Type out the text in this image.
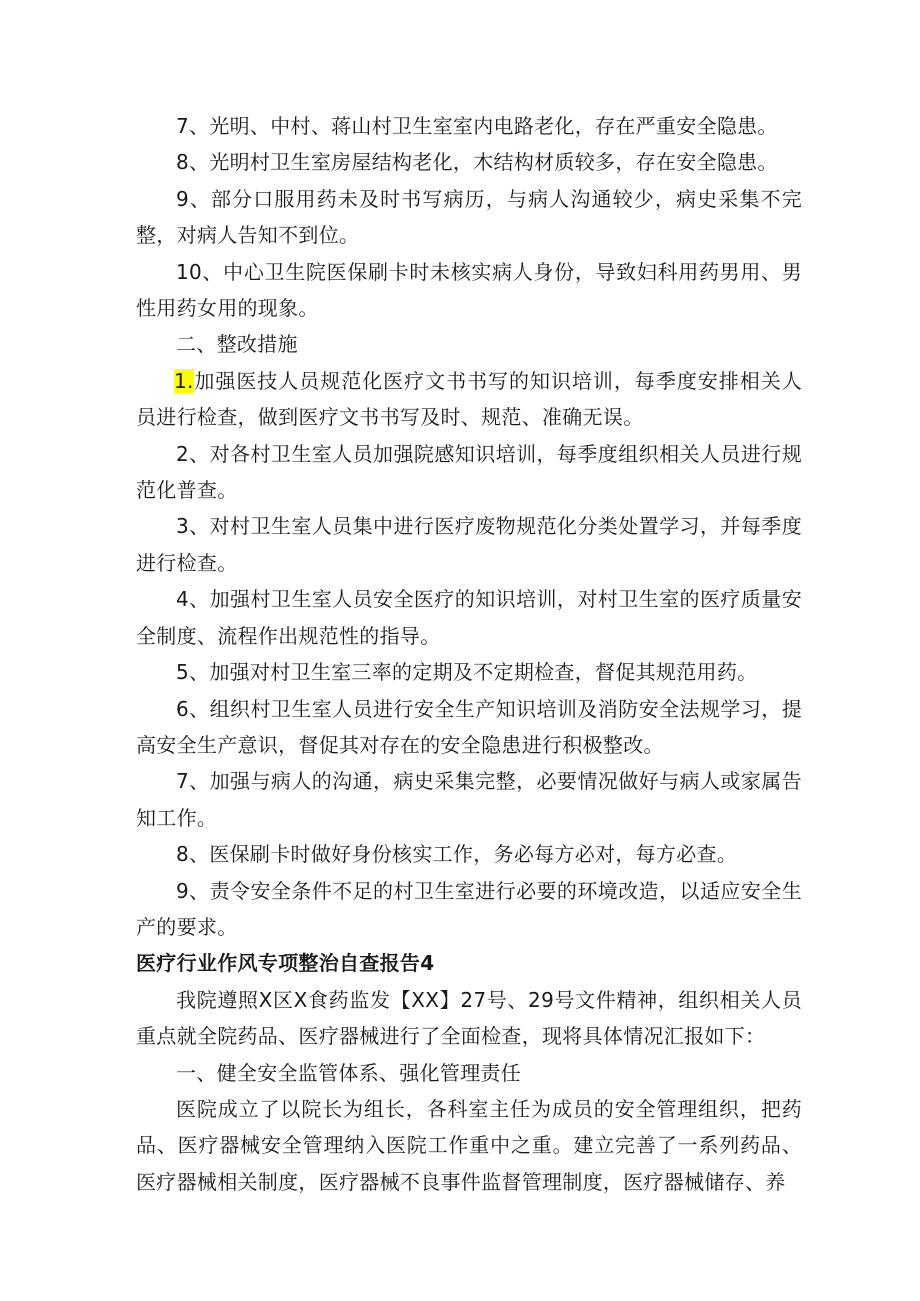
7、光明、中村、蒋山村卫生室室内电路老化，存在严重安全隐患。

8、光明村卫生室房屋结构老化，木结构材质较多，存在安全隐患。

9、部分口服用药未及时书写病历，与病人沟通较少，病史采集不完整，对病人告知不到位。

10、中心卫生院医保刷卡时未核实病人身份，导致妇科用药男用、男性用药女用的现象。

二、整改措施

1.加强医技人员规范化医疗文书书写的知识培训，每季度安排相关人员进行检查，做到医疗文书书写及时、规范、准确无误。

2、对各村卫生室人员加强院感知识培训，每季度组织相关人员进行规范化普查。

3、对村卫生室人员集中进行医疗废物规范化分类处置学习，并每季度进行检查。

4、加强村卫生室人员安全医疗的知识培训，对村卫生室的医疗质量安全制度、流程作出规范性的指导。

5、加强对村卫生室三率的定期及不定期检查，督促其规范用药。

6、组织村卫生室人员进行安全生产知识培训及消防安全法规学习，提高安全生产意识，督促其对存在的安全隐患进行积极整改。

7、加强与病人的沟通，病史采集完整，必要情况做好与病人或家属告知工作。

8、医保刷卡时做好身份核实工作，务必每方必对，每方必查。

9、责令安全条件不足的村卫生室进行必要的环境改造，以适应安全生产的要求。

医疗行业作风专项整治自查报告4

我院遵照X区X食药监发【XX】27号、29号文件精神，组织相关人员重点就全院药品、医疗器械进行了全面检查，现将具体情况汇报如下：

一、健全安全监管体系、强化管理责任

医院成立了以院长为组长，各科室主任为成员的安全管理组织，把药品、医疗器械安全管理纳入医院工作重中之重。建立完善了一系列药品、医疗器械相关制度，医疗器械不良事件监督管理制度，医疗器械储存、养
